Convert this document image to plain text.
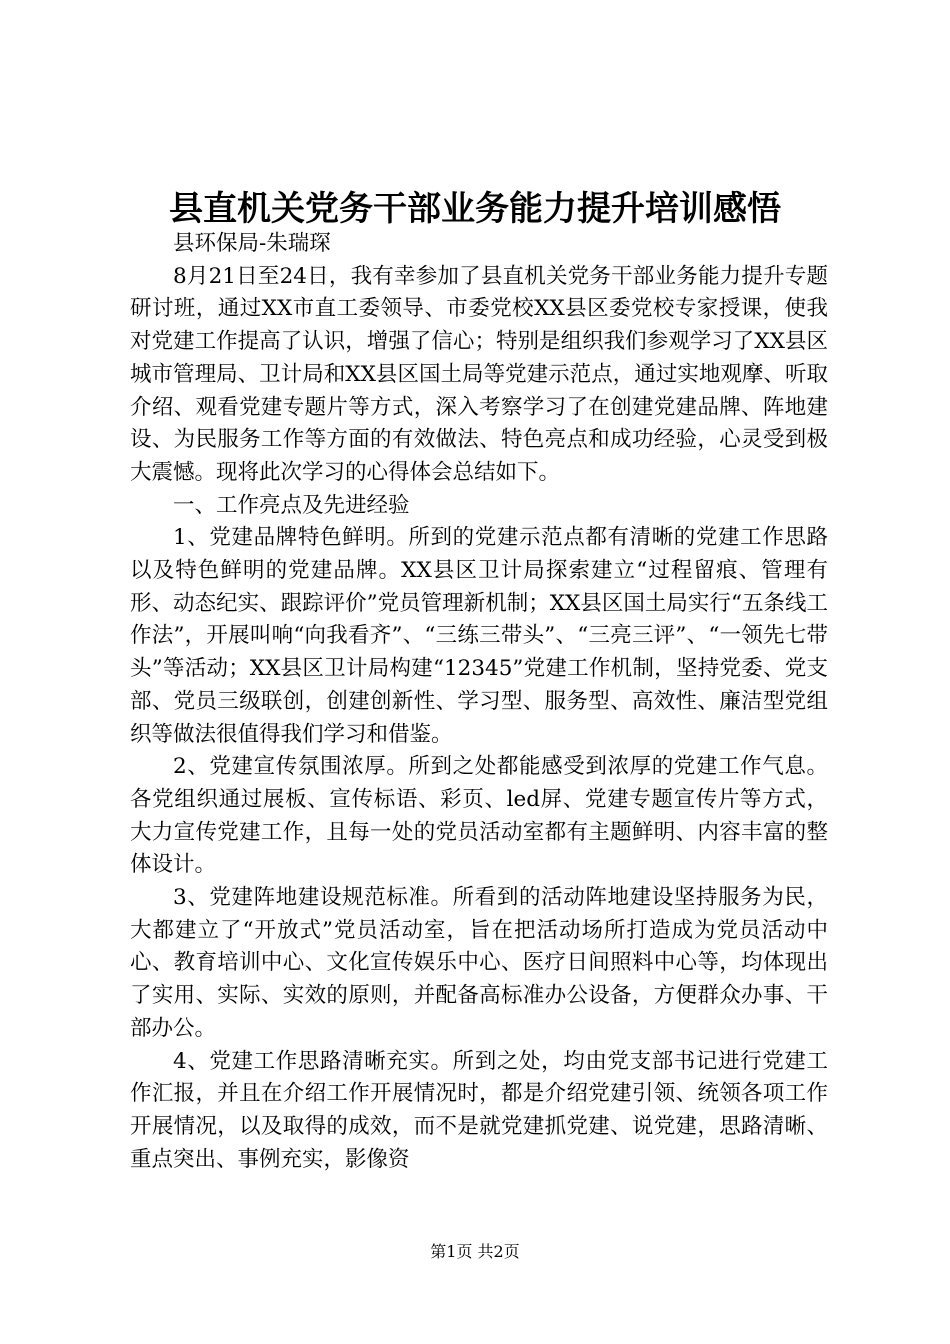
县直机关党务干部业务能力提升培训感悟

县环保局-朱瑞琛

8月21日至24日，我有幸参加了县直机关党务干部业务能力提升专题研讨班，通过XX市直工委领导、市委党校XX县区委党校专家授课，使我对党建工作提高了认识，增强了信心；特别是组织我们参观学习了XX县区城市管理局、卫计局和XX县区国土局等党建示范点，通过实地观摩、听取介绍、观看党建专题片等方式，深入考察学习了在创建党建品牌、阵地建设、为民服务工作等方面的有效做法、特色亮点和成功经验，心灵受到极大震憾。现将此次学习的心得体会总结如下。

一、工作亮点及先进经验

1、党建品牌特色鲜明。所到的党建示范点都有清晰的党建工作思路以及特色鲜明的党建品牌。XX县区卫计局探索建立“过程留痕、管理有形、动态纪实、跟踪评价”党员管理新机制；XX县区国土局实行“五条线工作法”，开展叫响“向我看齐”、“三练三带头”、“三亮三评”、“一领先七带头”等活动；XX县区卫计局构建“12345”党建工作机制，坚持党委、党支部、党员三级联创，创建创新性、学习型、服务型、高效性、廉洁型党组织等做法很值得我们学习和借鉴。

2、党建宣传氛围浓厚。所到之处都能感受到浓厚的党建工作气息。各党组织通过展板、宣传标语、彩页、led屏、党建专题宣传片等方式，大力宣传党建工作，且每一处的党员活动室都有主题鲜明、内容丰富的整体设计。

3、党建阵地建设规范标准。所看到的活动阵地建设坚持服务为民，大都建立了“开放式”党员活动室，旨在把活动场所打造成为党员活动中心、教育培训中心、文化宣传娱乐中心、医疗日间照料中心等，均体现出了实用、实际、实效的原则，并配备高标准办公设备，方便群众办事、干部办公。

4、党建工作思路清晰充实。所到之处，均由党支部书记进行党建工作汇报，并且在介绍工作开展情况时，都是介绍党建引领、统领各项工作开展情况，以及取得的成效，而不是就党建抓党建、说党建，思路清晰、重点突出、事例充实，影像资

第1页 共2页
